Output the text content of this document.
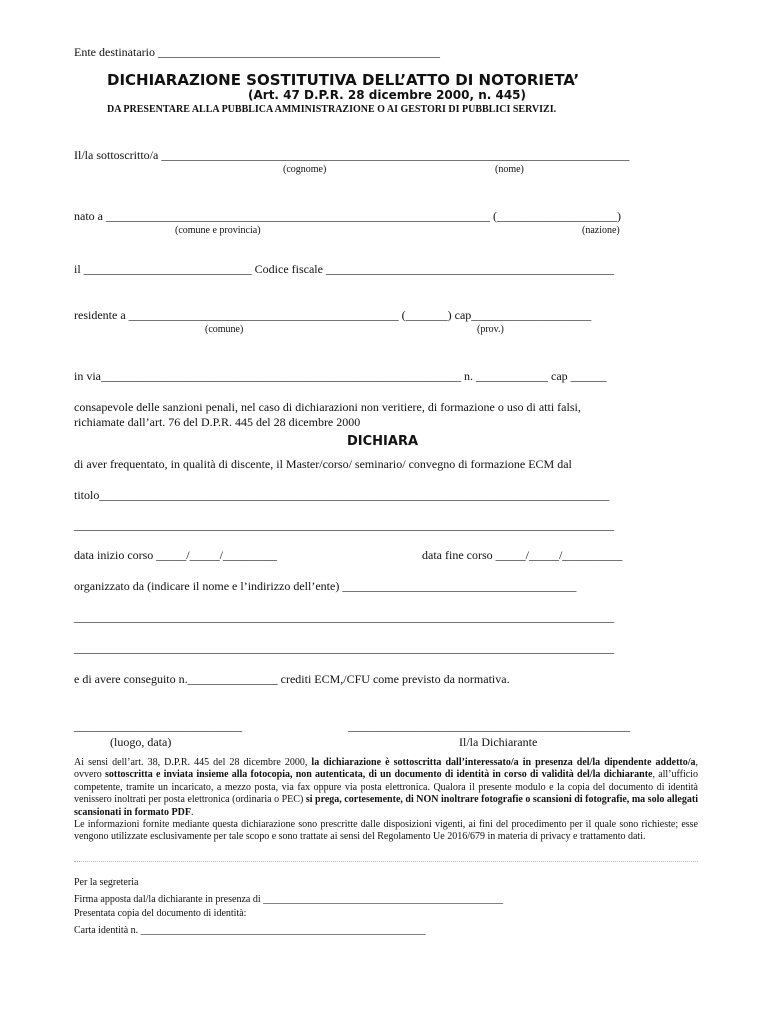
Ente destinatario _______________________________________________
DICHIARAZIONE SOSTITUTIVA DELL’ATTO DI NOTORIETA’
(Art. 47 D.P.R. 28 dicembre 2000, n. 445)
DA PRESENTARE ALLA PUBBLICA AMMINISTRAZIONE O AI GESTORI DI PUBBLICI SERVIZI.
Il/la sottoscritto/a ______________________________________________________________________________
(cognome)	(nome)
nato a ________________________________________________________________ (____________________)
(comune e provincia)	(nazione)
il ____________________________ Codice fiscale ________________________________________________
residente a _____________________________________________ (_______) cap____________________
(comune)	(prov.)
in via____________________________________________________________ n. ____________ cap ______
consapevole delle sanzioni penali, nel caso di dichiarazioni non veritiere, di formazione o uso di atti falsi,
richiamate dall’art. 76 del D.P.R. 445 del 28 dicembre 2000
DICHIARA
di aver frequentato, in qualità di discente, il Master/corso/ seminario/ convegno di formazione ECM dal
titolo_____________________________________________________________________________________
__________________________________________________________________________________________
data inizio corso _____/_____/_________	data fine corso _____/_____/__________
organizzato da (indicare il nome e l’indirizzo dell’ente) _______________________________________
__________________________________________________________________________________________
__________________________________________________________________________________________
e di avere conseguito n._______________ crediti ECM,/CFU come previsto da normativa.
____________________________
(luogo, data)
_______________________________________________
Il/la Dichiarante
Ai sensi dell’art. 38, D.P.R. 445 del 28 dicembre 2000, la dichiarazione è sottoscritta dall’interessato/a in presenza del/la dipendente addetto/a, ovvero sottoscritta e inviata insieme alla fotocopia, non autenticata, di un documento di identità in corso di validità del/la dichiarante, all’ufficio competente, tramite un incaricato, a mezzo posta, via fax oppure via posta elettronica. Qualora il presente modulo e la copia del documento di identità venissero inoltrati per posta elettronica (ordinaria o PEC) si prega, cortesemente, di NON inoltrare fotografie o scansioni di fotografie, ma solo allegati scansionati in formato PDF.
Le informazioni fornite mediante questa dichiarazione sono prescritte dalle disposizioni vigenti, ai fini del procedimento per il quale sono richieste; esse vengono utilizzate esclusivamente per tale scopo e sono trattate ai sensi del Regolamento Ue 2016/679 in materia di privacy e trattamento dati.
Per la segreteria
Firma apposta dal/la dichiarante in presenza di ________________________________________________
Presentata copia del documento di identità:
Carta identità n. _________________________________________________________
